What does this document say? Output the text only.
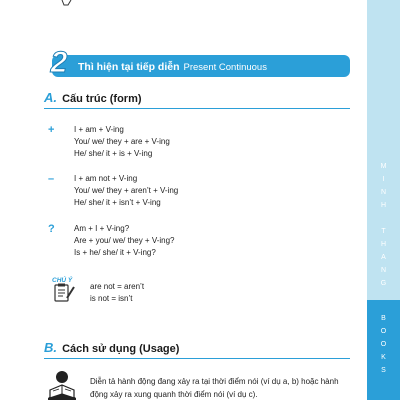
M
I
N
H

T
H
A
N
G
B
O
O
K
S
2	Thì hiện tại tiếp diễn Present Continuous
A. Cấu trúc (form)
+	I + am + V-ing
You/ we/ they + are + V-ing
He/ she/ it + is + V-ing
–	I + am not + V-ing
You/ we/ they + aren’t + V-ing
He/ she/ it + isn’t + V-ing
?	Am + I + V-ing?
Are + you/ we/ they + V-ing?
Is + he/ she/ it + V-ing?
CHÚ Ý
are not = aren’t
is not = isn’t
B. Cách sử dụng (Usage)
Diễn tả hành động đang xảy ra tại thời điểm nói (ví dụ a, b) hoặc hành động xảy ra xung quanh thời điểm nói (ví dụ c).
